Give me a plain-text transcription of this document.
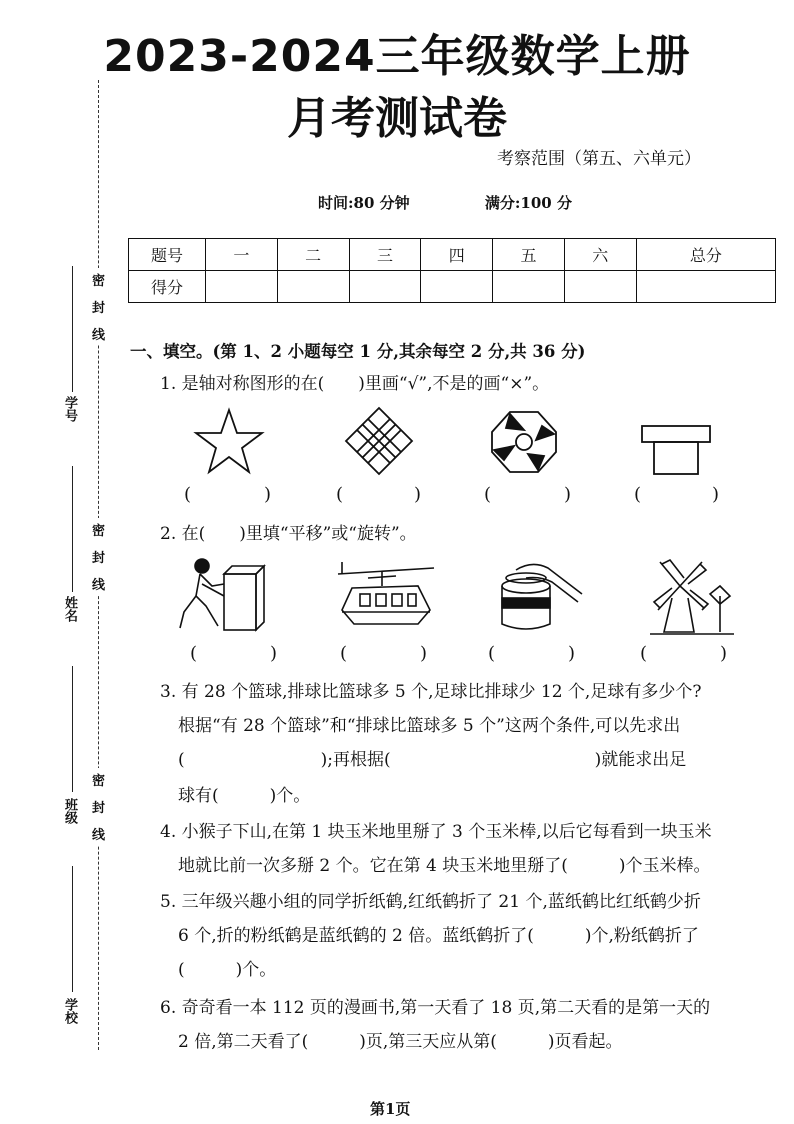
2023-2024三年级数学上册
月考测试卷
考察范围（第五、六单元）
时间:80 分钟	满分:100 分
题号	一	二	三	四	五	六	总分
得分							
密
封
线
密
封
线
密
封
线
学号
姓名
班级
学校
一、填空。(第 1、2 小题每空 1 分,其余每空 2 分,共 36 分)
1. 是轴对称图形的在(　　)里画“√”,不是的画“×”。
(	)	(	)	(	)	(	)
2. 在(　　)里填“平移”或“旋转”。
(	)	(	)	(	)	(	)
3. 有 28 个篮球,排球比篮球多 5 个,足球比排球少 12 个,足球有多少个?
根据“有 28 个篮球”和“排球比篮球多 5 个”这两个条件,可以先求出
(　　　　　　　　);再根据(　　　　　　　　　　　　)就能求出足
球有(　　　)个。
4. 小猴子下山,在第 1 块玉米地里掰了 3 个玉米棒,以后它每看到一块玉米
地就比前一次多掰 2 个。它在第 4 块玉米地里掰了(　　　)个玉米棒。
5. 三年级兴趣小组的同学折纸鹤,红纸鹤折了 21 个,蓝纸鹤比红纸鹤少折
6 个,折的粉纸鹤是蓝纸鹤的 2 倍。蓝纸鹤折了(　　　)个,粉纸鹤折了
(　　　)个。
6. 奇奇看一本 112 页的漫画书,第一天看了 18 页,第二天看的是第一天的
2 倍,第二天看了(　　　)页,第三天应从第(　　　)页看起。
第1页
